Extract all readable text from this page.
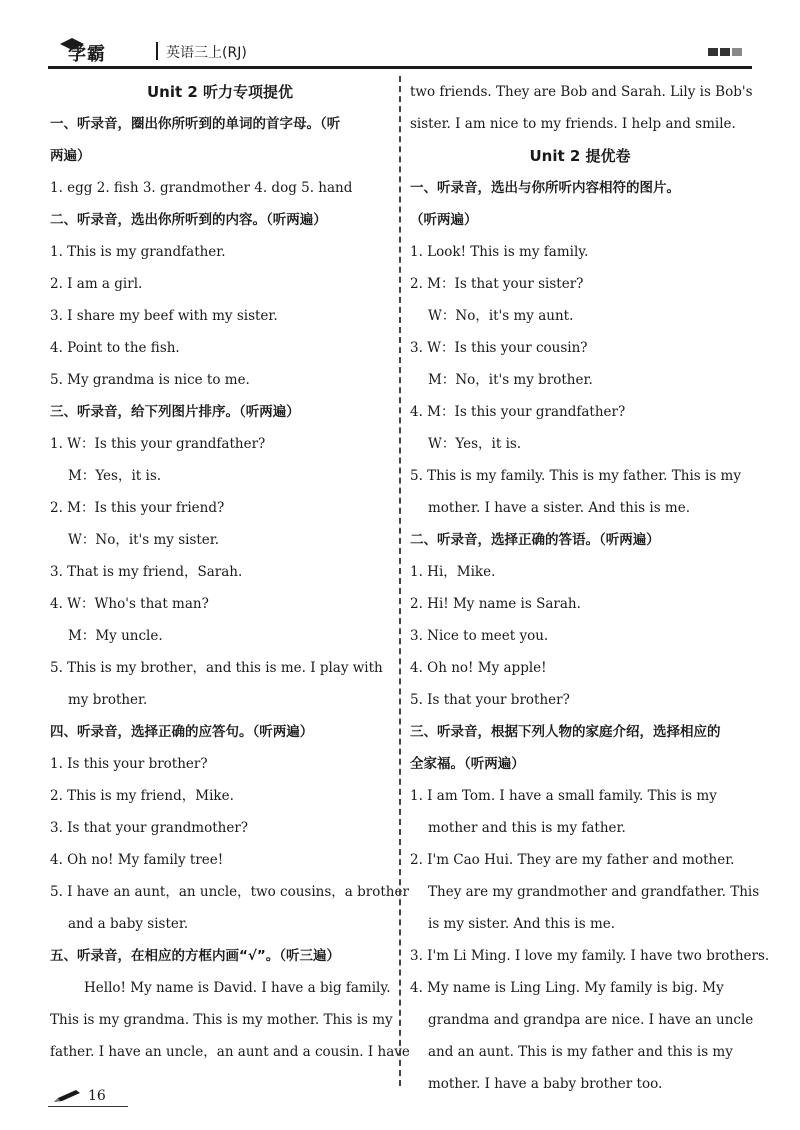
学霸	英语三上(RJ)
Unit 2 听力专项提优
一、听录音，圈出你所听到的单词的首字母。（听
两遍）
1. egg 2. fish 3. grandmother 4. dog 5. hand
二、听录音，选出你所听到的内容。（听两遍）
1. This is my grandfather.
2. I am a girl.
3. I share my beef with my sister.
4. Point to the fish.
5. My grandma is nice to me.
三、听录音，给下列图片排序。（听两遍）
1. W：Is this your grandfather?
M：Yes，it is.
2. M：Is this your friend?
W：No，it's my sister.
3. That is my friend，Sarah.
4. W：Who's that man?
M：My uncle.
5. This is my brother，and this is me. I play with
my brother.
四、听录音，选择正确的应答句。（听两遍）
1. Is this your brother?
2. This is my friend，Mike.
3. Is that your grandmother?
4. Oh no! My family tree!
5. I have an aunt，an uncle，two cousins，a brother
and a baby sister.
五、听录音，在相应的方框内画“√”。（听三遍）
Hello! My name is David. I have a big family.
This is my grandma. This is my mother. This is my
father. I have an uncle，an aunt and a cousin. I have
two friends. They are Bob and Sarah. Lily is Bob's
sister. I am nice to my friends. I help and smile.
Unit 2 提优卷
一、听录音，选出与你所听内容相符的图片。
（听两遍）
1. Look! This is my family.
2. M：Is that your sister?
W：No，it's my aunt.
3. W：Is this your cousin?
M：No，it's my brother.
4. M：Is this your grandfather?
W：Yes，it is.
5. This is my family. This is my father. This is my
mother. I have a sister. And this is me.
二、听录音，选择正确的答语。（听两遍）
1. Hi，Mike.
2. Hi! My name is Sarah.
3. Nice to meet you.
4. Oh no! My apple!
5. Is that your brother?
三、听录音，根据下列人物的家庭介绍，选择相应的
全家福。（听两遍）
1. I am Tom. I have a small family. This is my
mother and this is my father.
2. I'm Cao Hui. They are my father and mother.
They are my grandmother and grandfather. This
is my sister. And this is me.
3. I'm Li Ming. I love my family. I have two brothers.
4. My name is Ling Ling. My family is big. My
grandma and grandpa are nice. I have an uncle
and an aunt. This is my father and this is my
mother. I have a baby brother too.
16
